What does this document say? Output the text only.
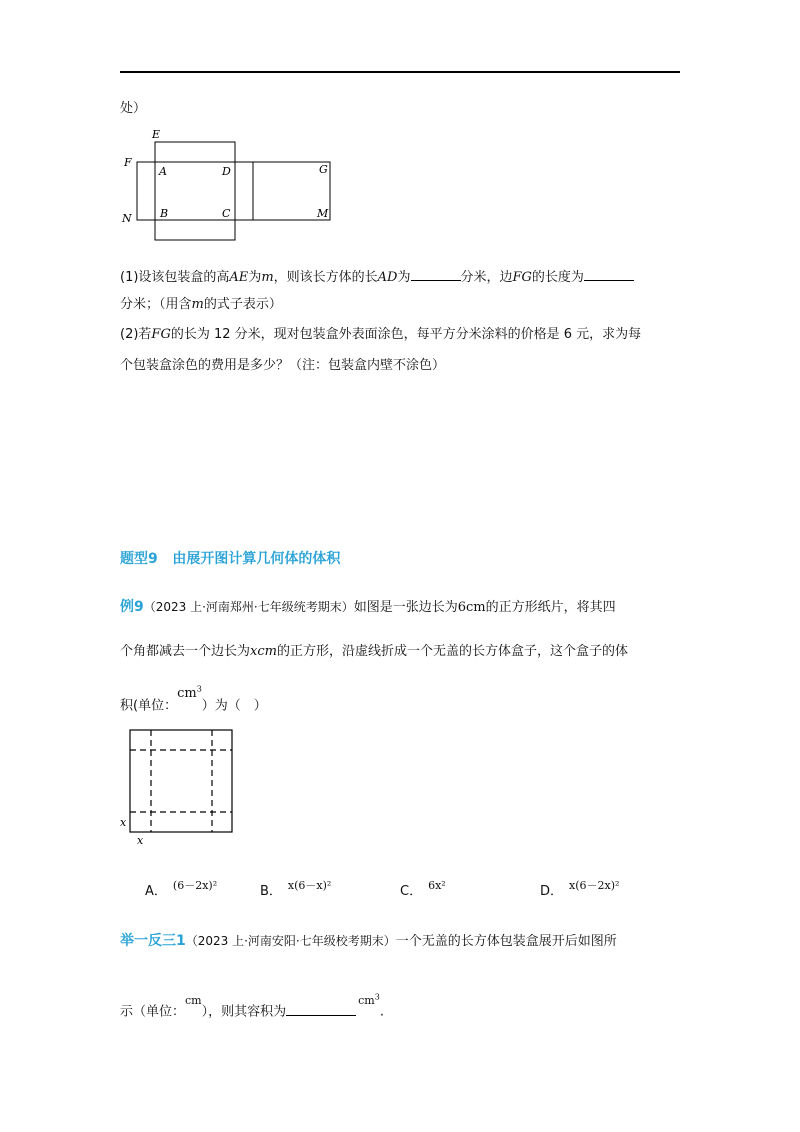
处）
E
F
N
A	D
B	C
G
M
(1)设该包装盒的高AE为m，则该长方体的长AD为	分米，边FG的长度为
分米；（用含m的式子表示）
(2)若FG的长为 12 分米，现对包装盒外表面涂色，每平方分米涂料的价格是 6 元，求为每
个包装盒涂色的费用是多少？（注：包装盒内壁不涂色）
题型9 由展开图计算几何体的体积
例9（2023 上·河南郑州·七年级统考期末）如图是一张边长为6cm的正方形纸片，将其四
个角都减去一个边长为xcm的正方形，沿虚线折成一个无盖的长方体盒子，这个盒子的体
积(单位：$cm^3$）为（　）
x
x
A． $^{(6-2x)^2}$	B． $^{x(6-x)^2}$	C． $^{6x^2}$	D． $^{x(6-2x)^2}$
举一反三1（2023 上·河南安阳·七年级校考期末）一个无盖的长方体包装盒展开后如图所
示（单位：$^{cm}$），则其容积为$^{cm^3}$.
